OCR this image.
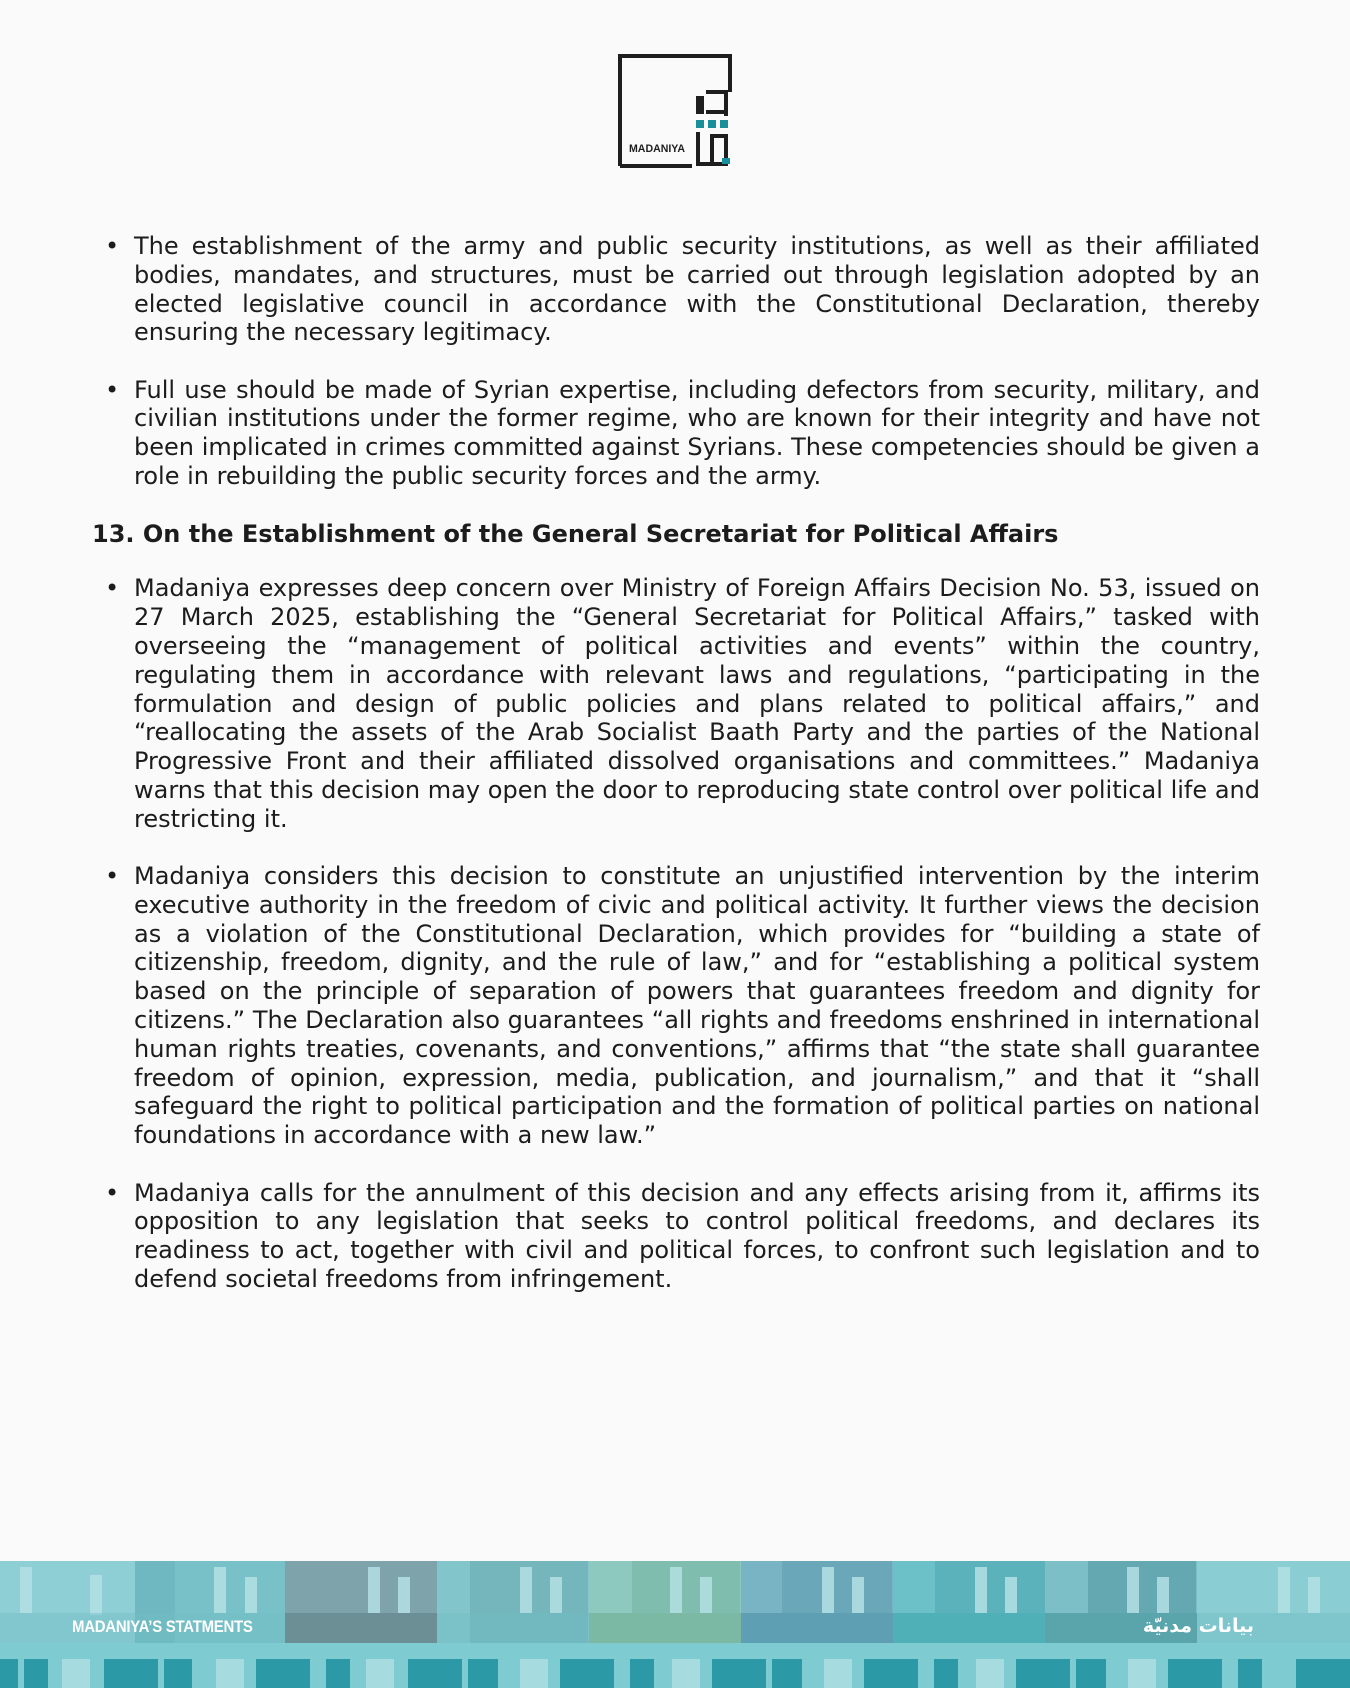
MADANIYA
• The establishment of the army and public security institutions, as well as their affiliated bodies, mandates, and structures, must be carried out through legislation adopted by an elected legislative council in accordance with the Constitutional Declaration, thereby ensuring the necessary legitimacy.
• Full use should be made of Syrian expertise, including defectors from security, military, and civilian institutions under the former regime, who are known for their integrity and have not been implicated in crimes committed against Syrians. These competencies should be given a role in rebuilding the public security forces and the army.
13. On the Establishment of the General Secretariat for Political Affairs
• Madaniya expresses deep concern over Ministry of Foreign Affairs Decision No. 53, issued on 27 March 2025, establishing the “General Secretariat for Political Affairs,” tasked with overseeing the “management of political activities and events” within the country, regulating them in accordance with relevant laws and regulations, “participating in the formulation and design of public policies and plans related to political affairs,” and “reallocating the assets of the Arab Socialist Baath Party and the parties of the National Progressive Front and their affiliated dissolved organisations and committees.” Madaniya warns that this decision may open the door to reproducing state control over political life and restricting it.
• Madaniya considers this decision to constitute an unjustified intervention by the interim executive authority in the freedom of civic and political activity. It further views the decision as a violation of the Constitutional Declaration, which provides for “building a state of citizenship, freedom, dignity, and the rule of law,” and for “establishing a political system based on the principle of separation of powers that guarantees freedom and dignity for citizens.” The Declaration also guarantees “all rights and freedoms enshrined in international human rights treaties, covenants, and conventions,” affirms that “the state shall guarantee freedom of opinion, expression, media, publication, and journalism,” and that it “shall safeguard the right to political participation and the formation of political parties on national foundations in accordance with a new law.”
• Madaniya calls for the annulment of this decision and any effects arising from it, affirms its opposition to any legislation that seeks to control political freedoms, and declares its readiness to act, together with civil and political forces, to confront such legislation and to defend societal freedoms from infringement.
MADANIYA’S STATMENTS	بيانات مدنيّة
